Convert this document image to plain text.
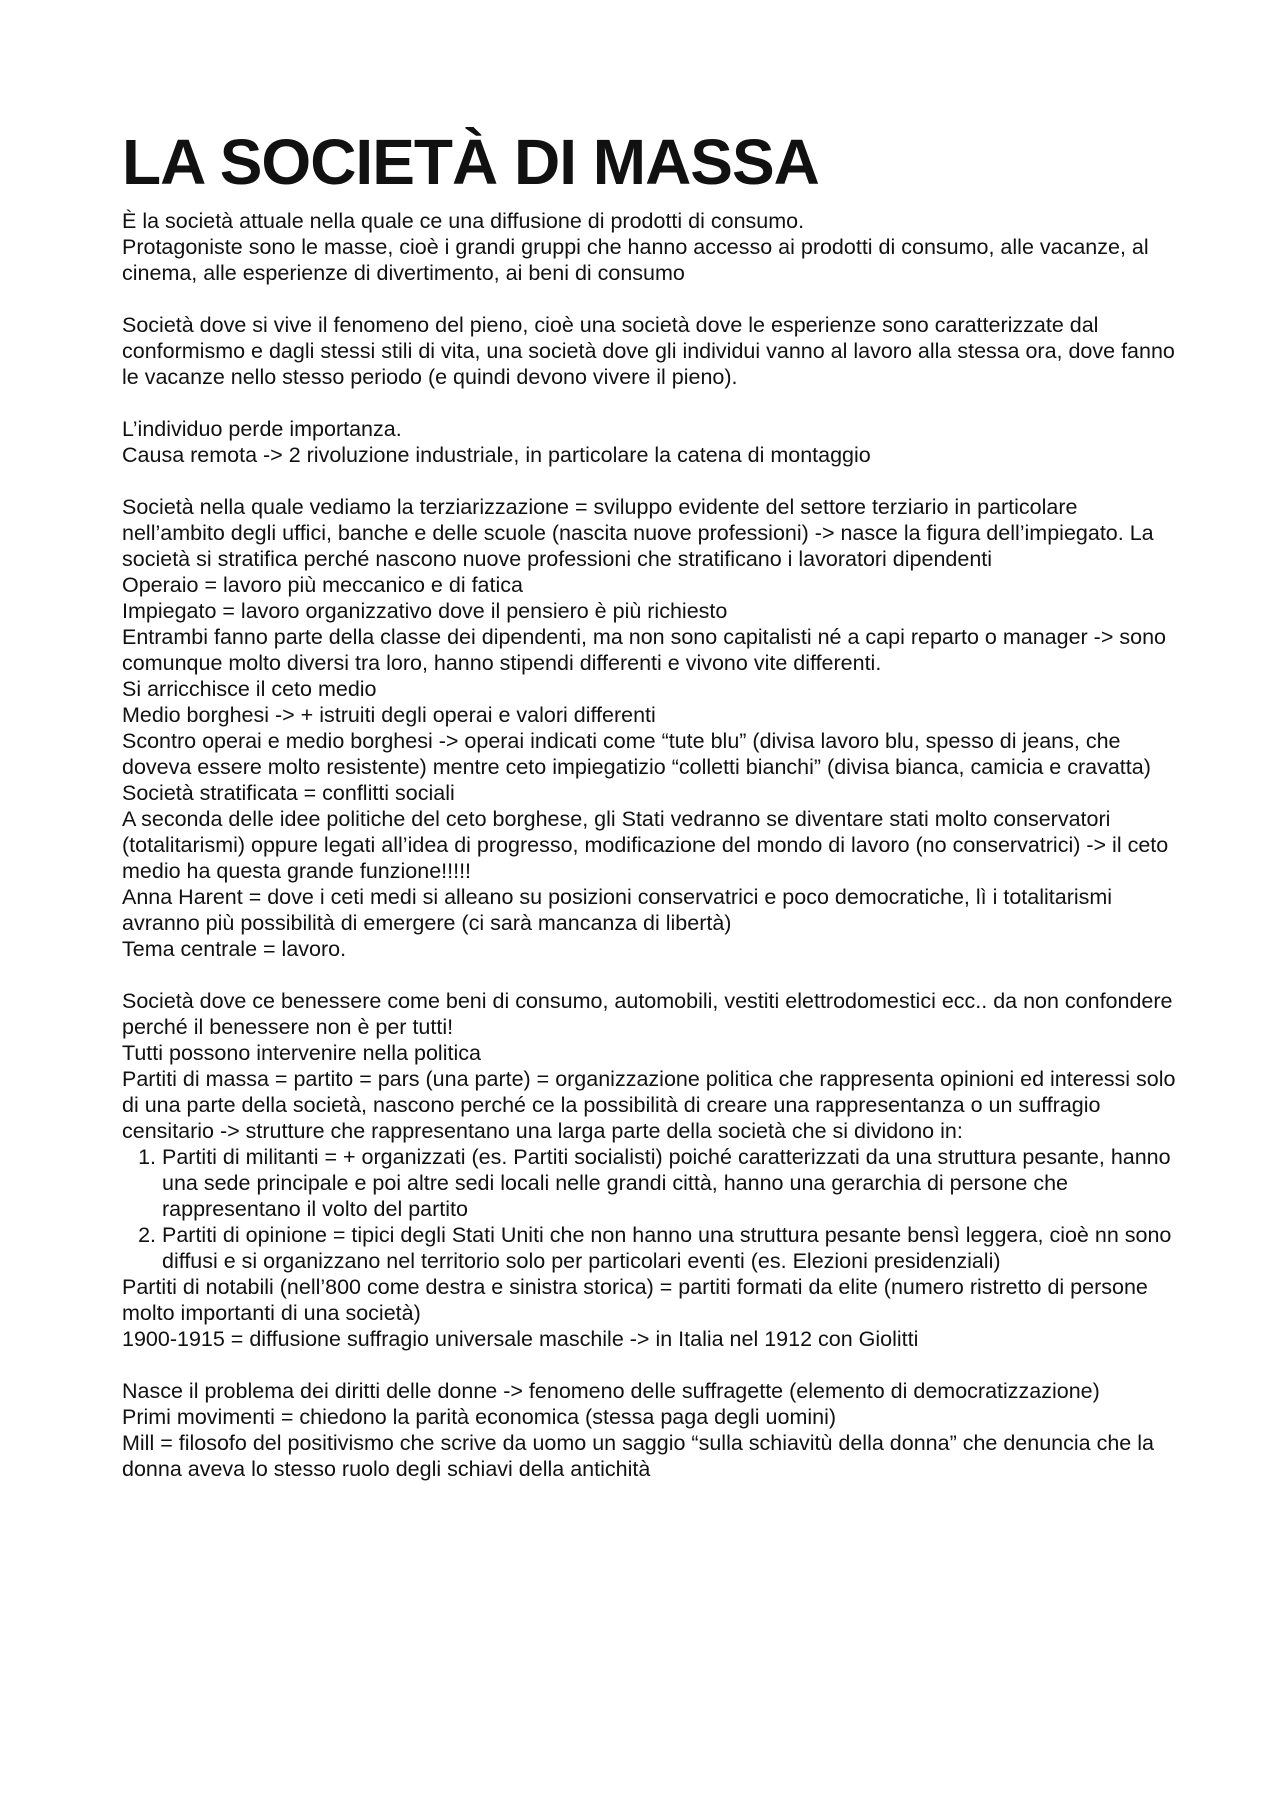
LA SOCIETÀ DI MASSA
È la società attuale nella quale ce una diffusione di prodotti di consumo.
Protagoniste sono le masse, cioè i grandi gruppi che hanno accesso ai prodotti di consumo, alle vacanze, al cinema, alle esperienze di divertimento, ai beni di consumo
Società dove si vive il fenomeno del pieno, cioè una società dove le esperienze sono caratterizzate dal conformismo e dagli stessi stili di vita, una società dove gli individui vanno al lavoro alla stessa ora, dove fanno le vacanze nello stesso periodo (e quindi devono vivere il pieno).
L’individuo perde importanza.
Causa remota -> 2 rivoluzione industriale, in particolare la catena di montaggio
Società nella quale vediamo la terziarizzazione = sviluppo evidente del settore terziario in particolare nell’ambito degli uffici, banche e delle scuole (nascita nuove professioni) -> nasce la figura dell’impiegato. La società si stratifica perché nascono nuove professioni che stratificano i lavoratori dipendenti
Operaio = lavoro più meccanico e di fatica
Impiegato = lavoro organizzativo dove il pensiero è più richiesto
Entrambi fanno parte della classe dei dipendenti, ma non sono capitalisti né a capi reparto o manager -> sono comunque molto diversi tra loro, hanno stipendi differenti e vivono vite differenti.
Si arricchisce il ceto medio
Medio borghesi -> + istruiti degli operai e valori differenti
Scontro operai e medio borghesi -> operai indicati come “tute blu” (divisa lavoro blu, spesso di jeans, che doveva essere molto resistente) mentre ceto impiegatizio “colletti bianchi” (divisa bianca, camicia e cravatta)
Società stratificata = conflitti sociali
A seconda delle idee politiche del ceto borghese, gli Stati vedranno se diventare stati molto conservatori (totalitarismi) oppure legati all’idea di progresso, modificazione del mondo di lavoro (no conservatrici) -> il ceto medio ha questa grande funzione!!!!!
Anna Harent = dove i ceti medi si alleano su posizioni conservatrici e poco democratiche, lì i totalitarismi avranno più possibilità di emergere (ci sarà mancanza di libertà)
Tema centrale = lavoro.
Società dove ce benessere come beni di consumo, automobili, vestiti elettrodomestici ecc.. da non confondere perché il benessere non è per tutti!
Tutti possono intervenire nella politica
Partiti di massa = partito = pars (una parte) = organizzazione politica che rappresenta opinioni ed interessi solo di una parte della società, nascono perché ce la possibilità di creare una rappresentanza o un suffragio censitario -> strutture che rappresentano una larga parte della società che si dividono in:
1. Partiti di militanti = + organizzati (es. Partiti socialisti) poiché caratterizzati da una struttura pesante, hanno una sede principale e poi altre sedi locali nelle grandi città, hanno una gerarchia di persone che rappresentano il volto del partito
2. Partiti di opinione = tipici degli Stati Uniti che non hanno una struttura pesante bensì leggera, cioè nn sono diffusi e si organizzano nel territorio solo per particolari eventi (es. Elezioni presidenziali)
Partiti di notabili (nell’800 come destra e sinistra storica) = partiti formati da elite (numero ristretto di persone molto importanti di una società)
1900-1915 = diffusione suffragio universale maschile -> in Italia nel 1912 con Giolitti
Nasce il problema dei diritti delle donne -> fenomeno delle suffragette (elemento di democratizzazione)
Primi movimenti = chiedono la parità economica (stessa paga degli uomini)
Mill = filosofo del positivismo che scrive da uomo un saggio “sulla schiavitù della donna” che denuncia che la donna aveva lo stesso ruolo degli schiavi della antichità
